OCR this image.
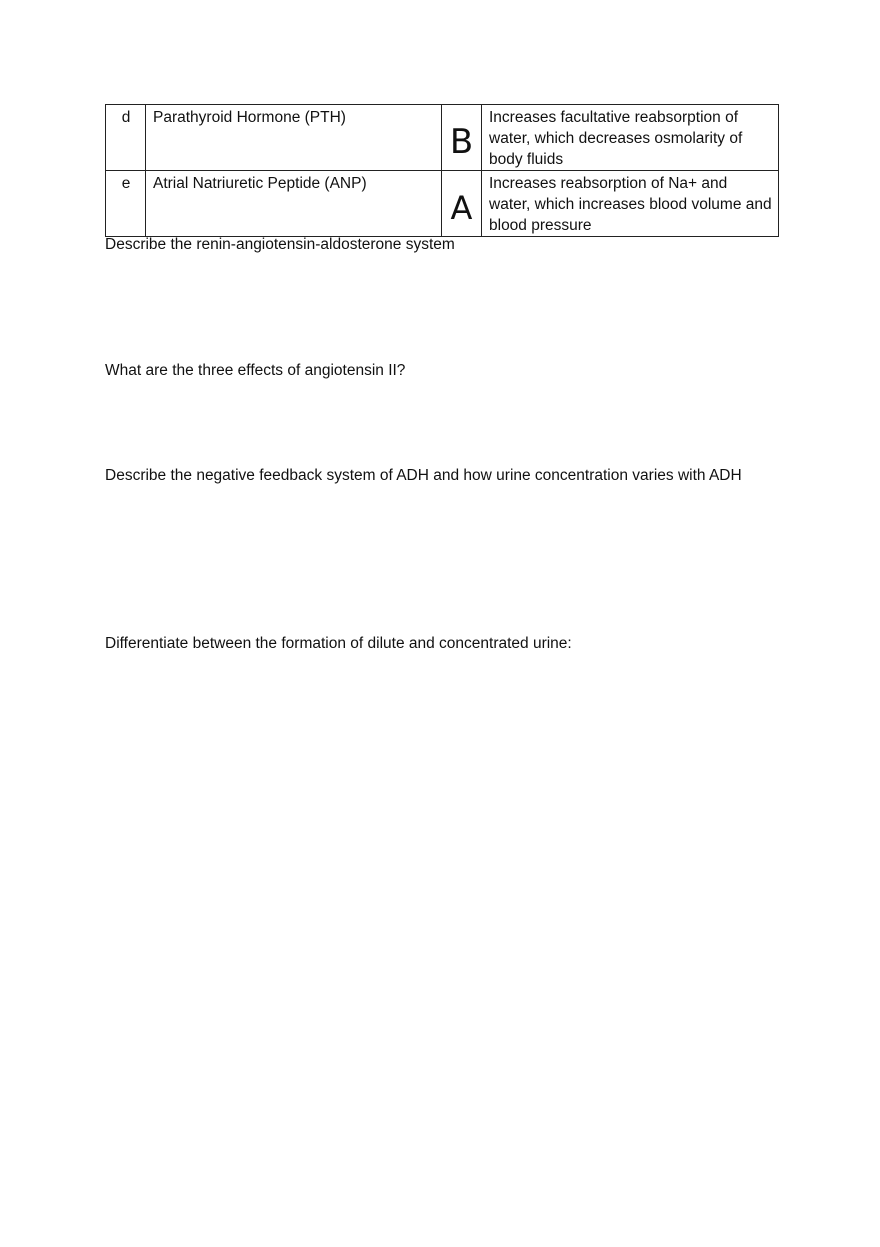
d	Parathyroid Hormone (PTH)	B	Increases facultative reabsorption of water, which decreases osmolarity of body fluids
e	Atrial Natriuretic Peptide (ANP)	A	Increases reabsorption of Na+ and water, which increases blood volume and blood pressure
Describe the renin-angiotensin-aldosterone system
What are the three effects of angiotensin II?
Describe the negative feedback system of ADH and how urine concentration varies with ADH
Differentiate between the formation of dilute and concentrated urine:
